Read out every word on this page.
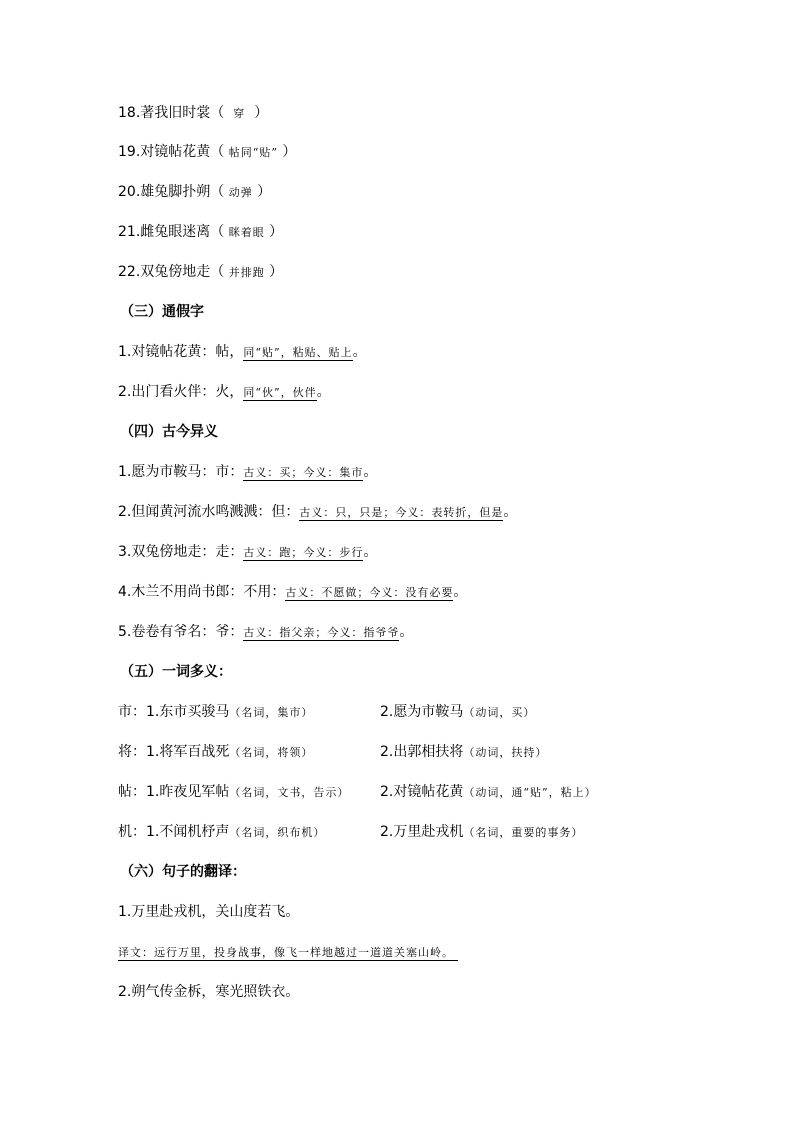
18.著我旧时裳（  穿  ）
19.对镜帖花黄（ 帖同“贴” ）
20.雄兔脚扑朔（ 动弹 ）
21.雌兔眼迷离（ 眯着眼 ）
22.双兔傍地走（ 并排跑 ）
（三）通假字
1.对镜帖花黄：帖，同“贴”，粘贴、贴上。
2.出门看火伴：火，同“伙”，伙伴。
（四）古今异义
1.愿为市鞍马：市：古义：买；今义：集市。
2.但闻黄河流水鸣溅溅：但：古义：只，只是；今义：表转折，但是。
3.双兔傍地走：走：古义：跑；今义：步行。
4.木兰不用尚书郎：不用：古义：不愿做；今义：没有必要。
5.卷卷有爷名：爷：古义：指父亲；今义：指爷爷。
（五）一词多义：
市：1.东市买骏马（名词，集市）	2.愿为市鞍马（动词，买）
将：1.将军百战死（名词，将领）	2.出郭相扶将（动词，扶持）
帖：1.昨夜见军帖（名词，文书，告示） 2.对镜帖花黄（动词，通“贴”，粘上）
机：1.不闻机杼声（名词，织布机）	2.万里赴戎机（名词，重要的事务）
（六）句子的翻译：
1.万里赴戎机，关山度若飞。
译文：远行万里，投身战事，像飞一样地越过一道道关塞山岭。
2.朔气传金柝，寒光照铁衣。
